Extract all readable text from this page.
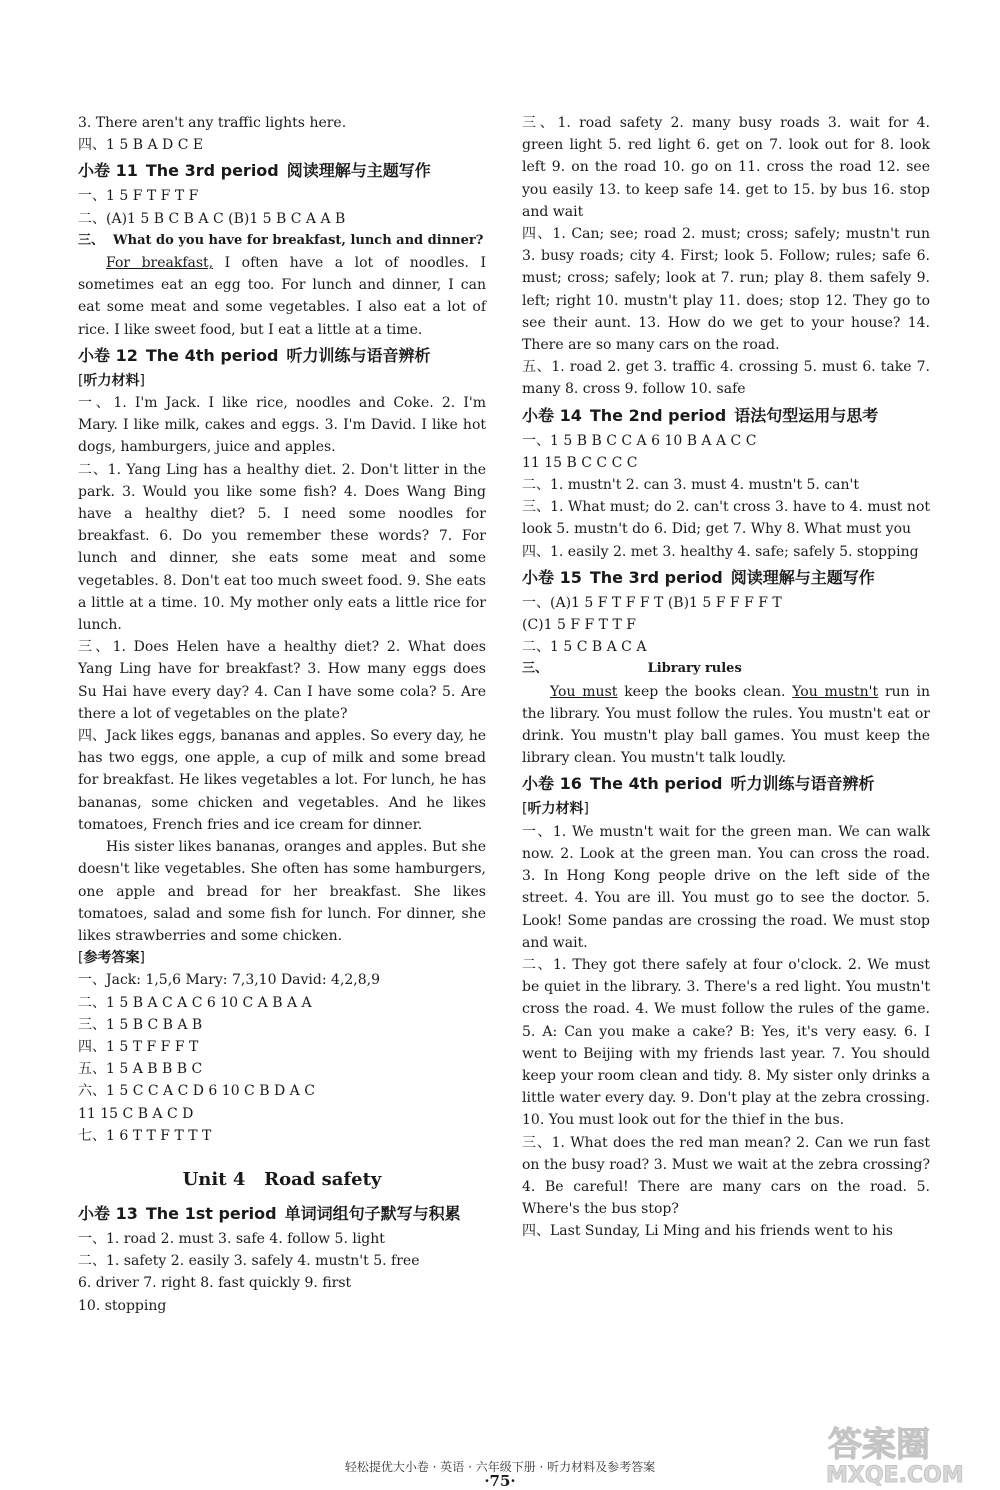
3. There aren't any traffic lights here.
四、1 5 B A D C E
小卷 11 The 3rd period 阅读理解与主题写作
一、1 5 F T F T F
二、(A)1 5 B C B A C (B)1 5 B C A A B
三、  What do you have for breakfast, lunch and dinner?
For breakfast, I often have a lot of noodles. I sometimes eat an egg too. For lunch and dinner, I can eat some meat and some vegetables. I also eat a lot of rice. I like sweet food, but I eat a little at a time.
小卷 12 The 4th period 听力训练与语音辨析
[听力材料]
一、1. I'm Jack. I like rice, noodles and Coke. 2. I'm Mary. I like milk, cakes and eggs. 3. I'm David. I like hot dogs, hamburgers, juice and apples.
二、1. Yang Ling has a healthy diet. 2. Don't litter in the park. 3. Would you like some fish? 4. Does Wang Bing have a healthy diet? 5. I need some noodles for breakfast. 6. Do you remember these words? 7. For lunch and dinner, she eats some meat and some vegetables. 8. Don't eat too much sweet food. 9. She eats a little at a time. 10. My mother only eats a little rice for lunch.
三、1. Does Helen have a healthy diet? 2. What does Yang Ling have for breakfast? 3. How many eggs does Su Hai have every day? 4. Can I have some cola? 5. Are there a lot of vegetables on the plate?
四、Jack likes eggs, bananas and apples. So every day, he has two eggs, one apple, a cup of milk and some bread for breakfast. He likes vegetables a lot. For lunch, he has bananas, some chicken and vegetables. And he likes tomatoes, French fries and ice cream for dinner.
His sister likes bananas, oranges and apples. But she doesn't like vegetables. She often has some hamburgers, one apple and bread for her breakfast. She likes tomatoes, salad and some fish for lunch. For dinner, she likes strawberries and some chicken.
[参考答案]
一、Jack: 1,5,6 Mary: 7,3,10 David: 4,2,8,9
二、1 5 B A C A C 6 10 C A B A A
三、1 5 B C B A B
四、1 5 T F F F T
五、1 5 A B B B C
六、1 5 C C A C D 6 10 C B D A C
11 15 C B A C D
七、1 6 T T F T T T
Unit 4   Road safety
小卷 13 The 1st period 单词词组句子默写与积累
一、1. road 2. must 3. safe 4. follow 5. light
二、1. safety 2. easily 3. safely 4. mustn't 5. free
6. driver 7. right 8. fast quickly 9. first
10. stopping
三、1. road safety 2. many busy roads 3. wait for 4. green light 5. red light 6. get on 7. look out for 8. look left 9. on the road 10. go on 11. cross the road 12. see you easily 13. to keep safe 14. get to 15. by bus 16. stop and wait
四、1. Can; see; road 2. must; cross; safely; mustn't run 3. busy roads; city 4. First; look 5. Follow; rules; safe 6. must; cross; safely; look at 7. run; play 8. them safely 9. left; right 10. mustn't play 11. does; stop 12. They go to see their aunt. 13. How do we get to your house? 14. There are so many cars on the road.
五、1. road 2. get 3. traffic 4. crossing 5. must 6. take 7. many 8. cross 9. follow 10. safe
小卷 14 The 2nd period 语法句型运用与思考
一、1 5 B B C C A 6 10 B A A C C
11 15 B C C C C
二、1. mustn't 2. can 3. must 4. mustn't 5. can't
三、1. What must; do 2. can't cross 3. have to 4. must not look 5. mustn't do 6. Did; get 7. Why 8. What must you
四、1. easily 2. met 3. healthy 4. safe; safely 5. stopping
小卷 15 The 3rd period 阅读理解与主题写作
一、(A)1 5 F T F F T (B)1 5 F F F F T
(C)1 5 F F T T F
二、1 5 C B A C A
三、                      Library rules
You must keep the books clean. You mustn't run in the library. You must follow the rules. You mustn't eat or drink. You mustn't play ball games. You must keep the library clean. You mustn't talk loudly.
小卷 16 The 4th period 听力训练与语音辨析
[听力材料]
一、1. We mustn't wait for the green man. We can walk now. 2. Look at the green man. You can cross the road. 3. In Hong Kong people drive on the left side of the street. 4. You are ill. You must go to see the doctor. 5. Look! Some pandas are crossing the road. We must stop and wait.
二、1. They got there safely at four o'clock. 2. We must be quiet in the library. 3. There's a red light. You mustn't cross the road. 4. We must follow the rules of the game. 5. A: Can you make a cake? B: Yes, it's very easy. 6. I went to Beijing with my friends last year. 7. You should keep your room clean and tidy. 8. My sister only drinks a little water every day. 9. Don't play at the zebra crossing. 10. You must look out for the thief in the bus.
三、1. What does the red man mean? 2. Can we run fast on the busy road? 3. Must we wait at the zebra crossing? 4. Be careful! There are many cars on the road. 5. Where's the bus stop?
四、Last Sunday, Li Ming and his friends went to his
轻松提优大小卷 · 英语 · 六年级下册 · 听力材料及参考答案
·75·
答案圈
MXQE.COM
